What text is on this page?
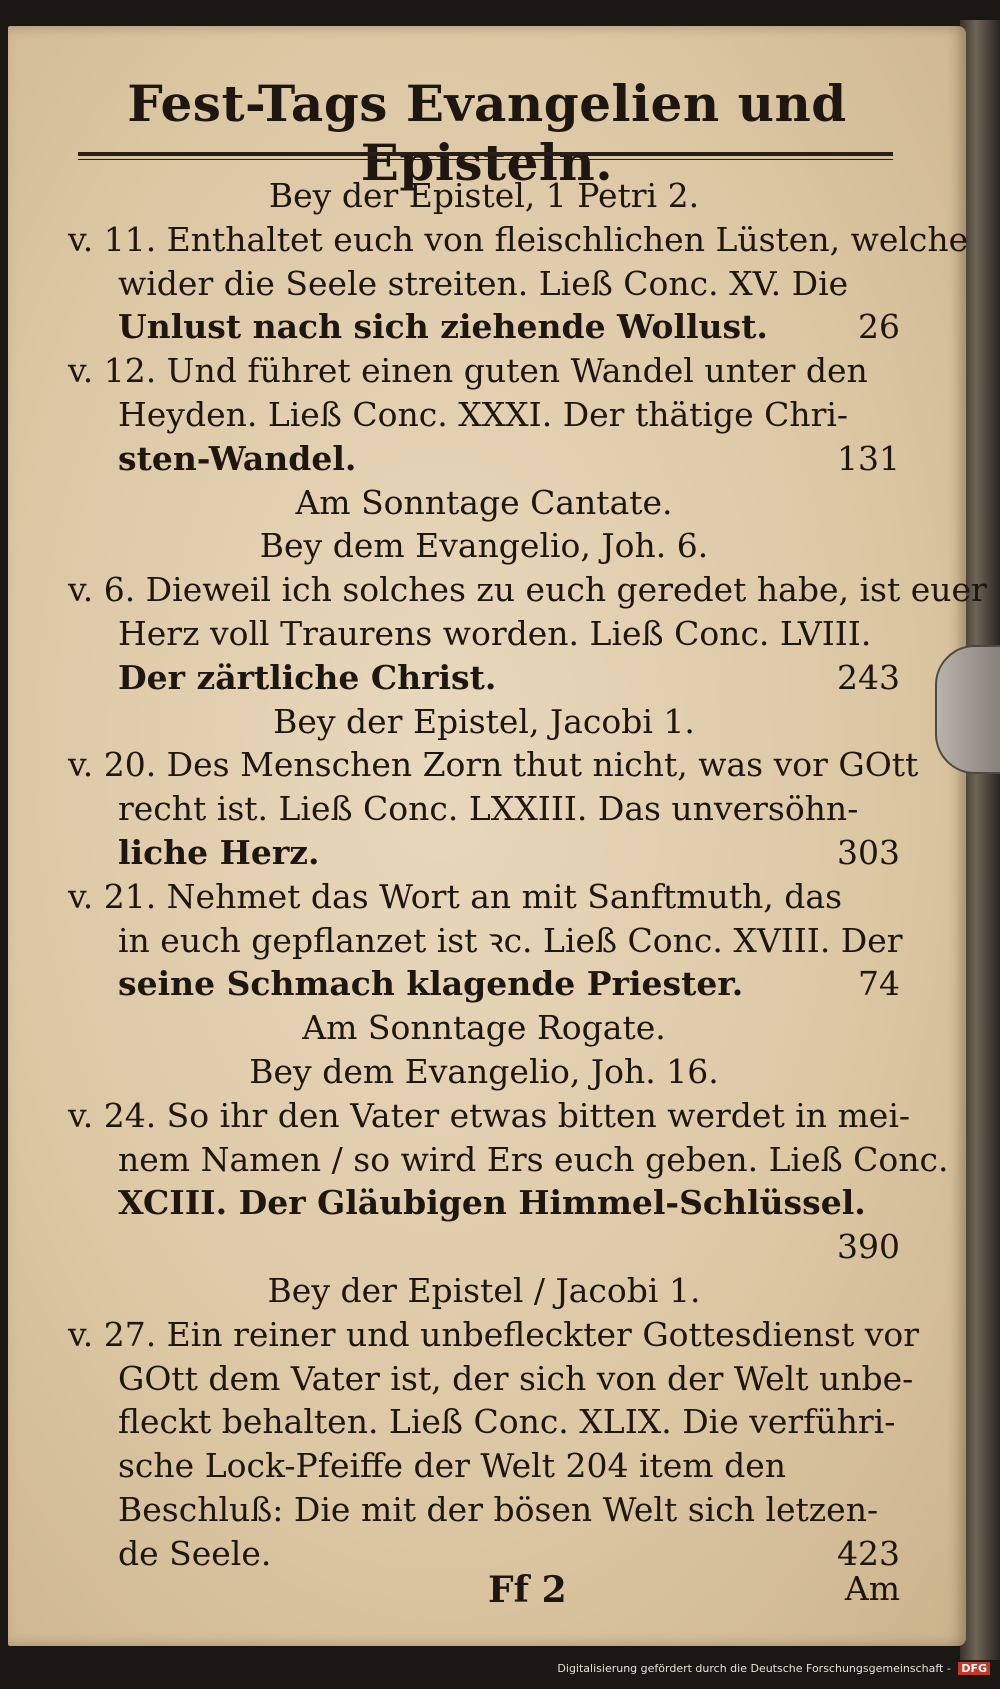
Fest-Tags Evangelien und Episteln.
Bey der Epistel, 1 Petri 2.
v. 11. Enthaltet euch von fleischlichen Lüsten, welche
wider die Seele streiten. Ließ Conc. XV. Die
Unlust nach sich ziehende Wollust.	26
v. 12. Und führet einen guten Wandel unter den
Heyden. Ließ Conc. XXXI. Der thätige Chri-
sten-Wandel.	131
Am Sonntage Cantate.
Bey dem Evangelio, Joh. 6.
v. 6. Dieweil ich solches zu euch geredet habe, ist euer
Herz voll Traurens worden. Ließ Conc. LVIII.
Der zärtliche Christ.	243
Bey der Epistel, Jacobi 1.
v. 20. Des Menschen Zorn thut nicht, was vor GOtt
recht ist. Ließ Conc. LXXIII. Das unversöhn-
liche Herz.	303
v. 21. Nehmet das Wort an mit Sanftmuth, das
in euch gepflanzet ist ꝛc. Ließ Conc. XVIII. Der
seine Schmach klagende Priester.	74
Am Sonntage Rogate.
Bey dem Evangelio, Joh. 16.
v. 24. So ihr den Vater etwas bitten werdet in mei-
nem Namen / so wird Ers euch geben. Ließ Conc.
XCIII. Der Gläubigen Himmel-Schlüssel.
390
Bey der Epistel / Jacobi 1.
v. 27. Ein reiner und unbefleckter Gottesdienst vor
GOtt dem Vater ist, der sich von der Welt unbe-
fleckt behalten. Ließ Conc. XLIX. Die verführi-
sche Lock-Pfeiffe der Welt 204 item den
Beschluß: Die mit der bösen Welt sich letzen-
de Seele.	423
Ff 2	Am
Digitalisierung gefördert durch die Deutsche Forschungsgemeinschaft - DFG
